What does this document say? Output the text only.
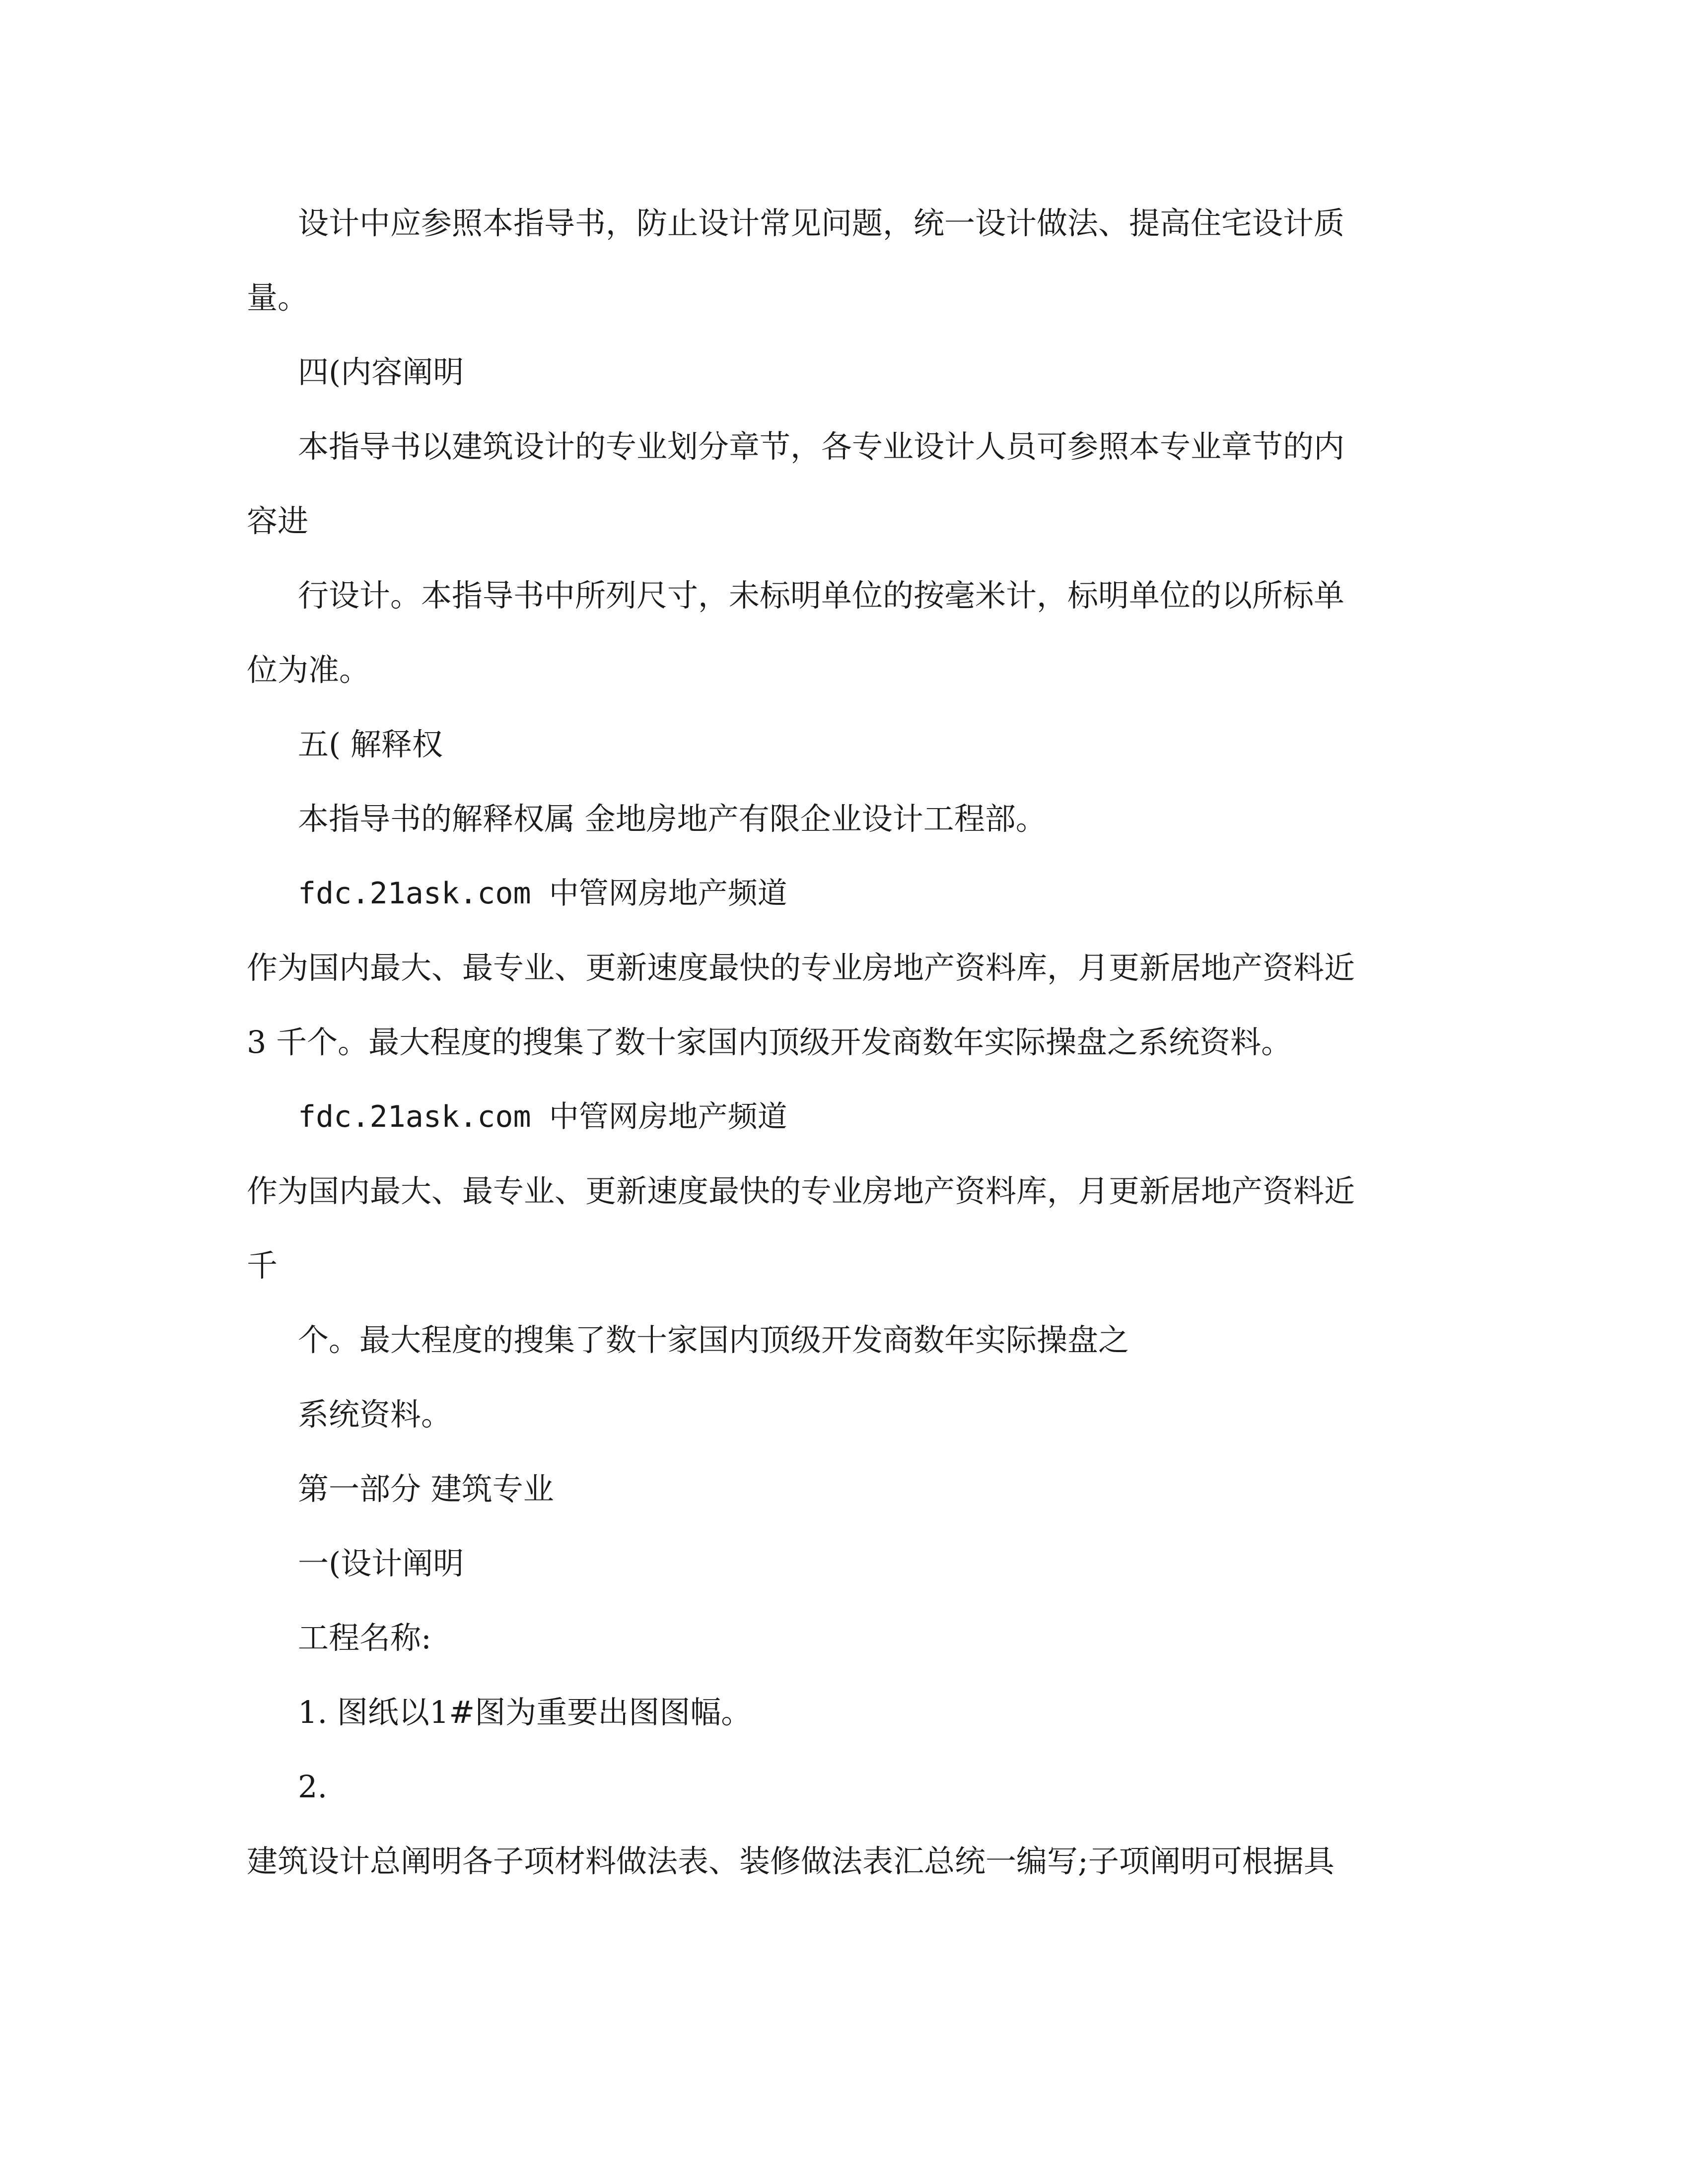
设计中应参照本指导书，防止设计常见问题，统一设计做法、提高住宅设计质
量。
四(内容阐明
本指导书以建筑设计的专业划分章节，各专业设计人员可参照本专业章节的内
容进
行设计。本指导书中所列尺寸，未标明单位的按毫米计，标明单位的以所标单
位为准。
五( 解释权
本指导书的解释权属 金地房地产有限企业设计工程部。
fdc.21ask.com 中管网房地产频道
作为国内最大、最专业、更新速度最快的专业房地产资料库，月更新居地产资料近
3 千个。最大程度的搜集了数十家国内顶级开发商数年实际操盘之系统资料。
fdc.21ask.com 中管网房地产频道
作为国内最大、最专业、更新速度最快的专业房地产资料库，月更新居地产资料近
千
个。最大程度的搜集了数十家国内顶级开发商数年实际操盘之
系统资料。
第一部分 建筑专业
一(设计阐明
工程名称:
1. 图纸以1#图为重要出图图幅。
2.
建筑设计总阐明各子项材料做法表、装修做法表汇总统一编写;子项阐明可根据具
